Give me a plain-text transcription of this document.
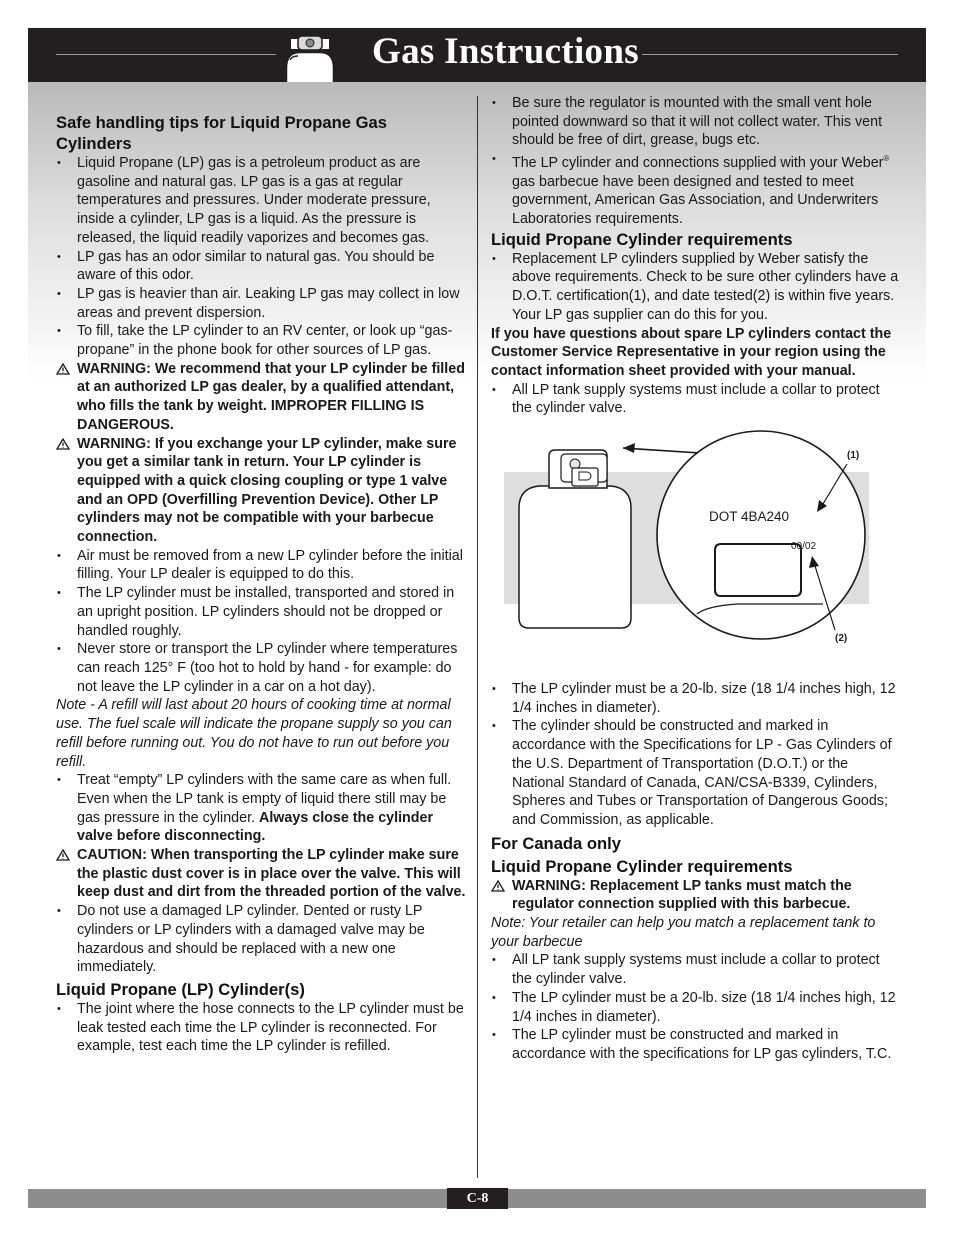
Gas Instructions
Safe handling tips for Liquid Propane Gas Cylinders
• Liquid Propane (LP) gas is a petroleum product as are gasoline and natural gas. LP gas is a gas at regular temperatures and pressures. Under moderate pressure, inside a cylinder, LP gas is a liquid. As the pressure is released, the liquid readily vaporizes and becomes gas.
• LP gas has an odor similar to natural gas. You should be aware of this odor.
• LP gas is heavier than air. Leaking LP gas may collect in low areas and prevent dispersion.
• To fill, take the LP cylinder to an RV center, or look up “gas-propane” in the phone book for other sources of LP gas.
WARNING: We recommend that your LP cylinder be filled at an authorized LP gas dealer, by a qualified attendant, who fills the tank by weight. IMPROPER FILLING IS DANGEROUS.
WARNING: If you exchange your LP cylinder, make sure you get a similar tank in return. Your LP cylinder is equipped with a quick closing coupling or type 1 valve and an OPD (Overfilling Prevention Device). Other LP cylinders may not be compatible with your barbecue connection.
• Air must be removed from a new LP cylinder before the initial filling. Your LP dealer is equipped to do this.
• The LP cylinder must be installed, transported and stored in an upright position. LP cylinders should not be dropped or handled roughly.
• Never store or transport the LP cylinder where temperatures can reach 125° F (too hot to hold by hand - for example: do not leave the LP cylinder in a car on a hot day).
Note - A refill will last about 20 hours of cooking time at normal use. The fuel scale will indicate the propane supply so you can refill before running out. You do not have to run out before you refill.
• Treat “empty” LP cylinders with the same care as when full. Even when the LP tank is empty of liquid there still may be gas pressure in the cylinder. Always close the cylinder valve before disconnecting.
CAUTION: When transporting the LP cylinder make sure the plastic dust cover is in place over the valve. This will keep dust and dirt from the threaded portion of the valve.
• Do not use a damaged LP cylinder. Dented or rusty LP cylinders or LP cylinders with a damaged valve may be hazardous and should be replaced with a new one immediately.
Liquid Propane (LP) Cylinder(s)
• The joint where the hose connects to the LP cylinder must be leak tested each time the LP cylinder is reconnected. For example, test each time the LP cylinder is refilled.
• Be sure the regulator is mounted with the small vent hole pointed downward so that it will not collect water. This vent should be free of dirt, grease, bugs etc.
• The LP cylinder and connections supplied with your Weber® gas barbecue have been designed and tested to meet government, American Gas Association, and Underwriters Laboratories requirements.
Liquid Propane Cylinder requirements
• Replacement LP cylinders supplied by Weber satisfy the above requirements. Check to be sure other cylinders have a D.O.T. certification(1), and date tested(2) is within five years. Your LP gas supplier can do this for you.
If you have questions about spare LP cylinders contact the Customer Service Representative in your region using the contact information sheet provided with your manual.
• All LP tank supply systems must include a collar to protect the cylinder valve.
DOT 4BA240
00/02
(1)
(2)
• The LP cylinder must be a 20-lb. size (18 1/4 inches high, 12 1/4 inches in diameter).
• The cylinder should be constructed and marked in accordance with the Specifications for LP - Gas Cylinders of the U.S. Department of Transportation (D.O.T.) or the National Standard of Canada, CAN/CSA-B339, Cylinders, Spheres and Tubes or Transportation of Dangerous Goods; and Commission, as applicable.
For Canada only
Liquid Propane Cylinder requirements
WARNING: Replacement LP tanks must match the regulator connection supplied with this barbecue.
Note: Your retailer can help you match a replacement tank to your barbecue
• All LP tank supply systems must include a collar to protect the cylinder valve.
• The LP cylinder must be a 20-lb. size (18 1/4 inches high, 12 1/4 inches in diameter).
• The LP cylinder must be constructed and marked in accordance with the specifications for LP gas cylinders, T.C.
C-8
